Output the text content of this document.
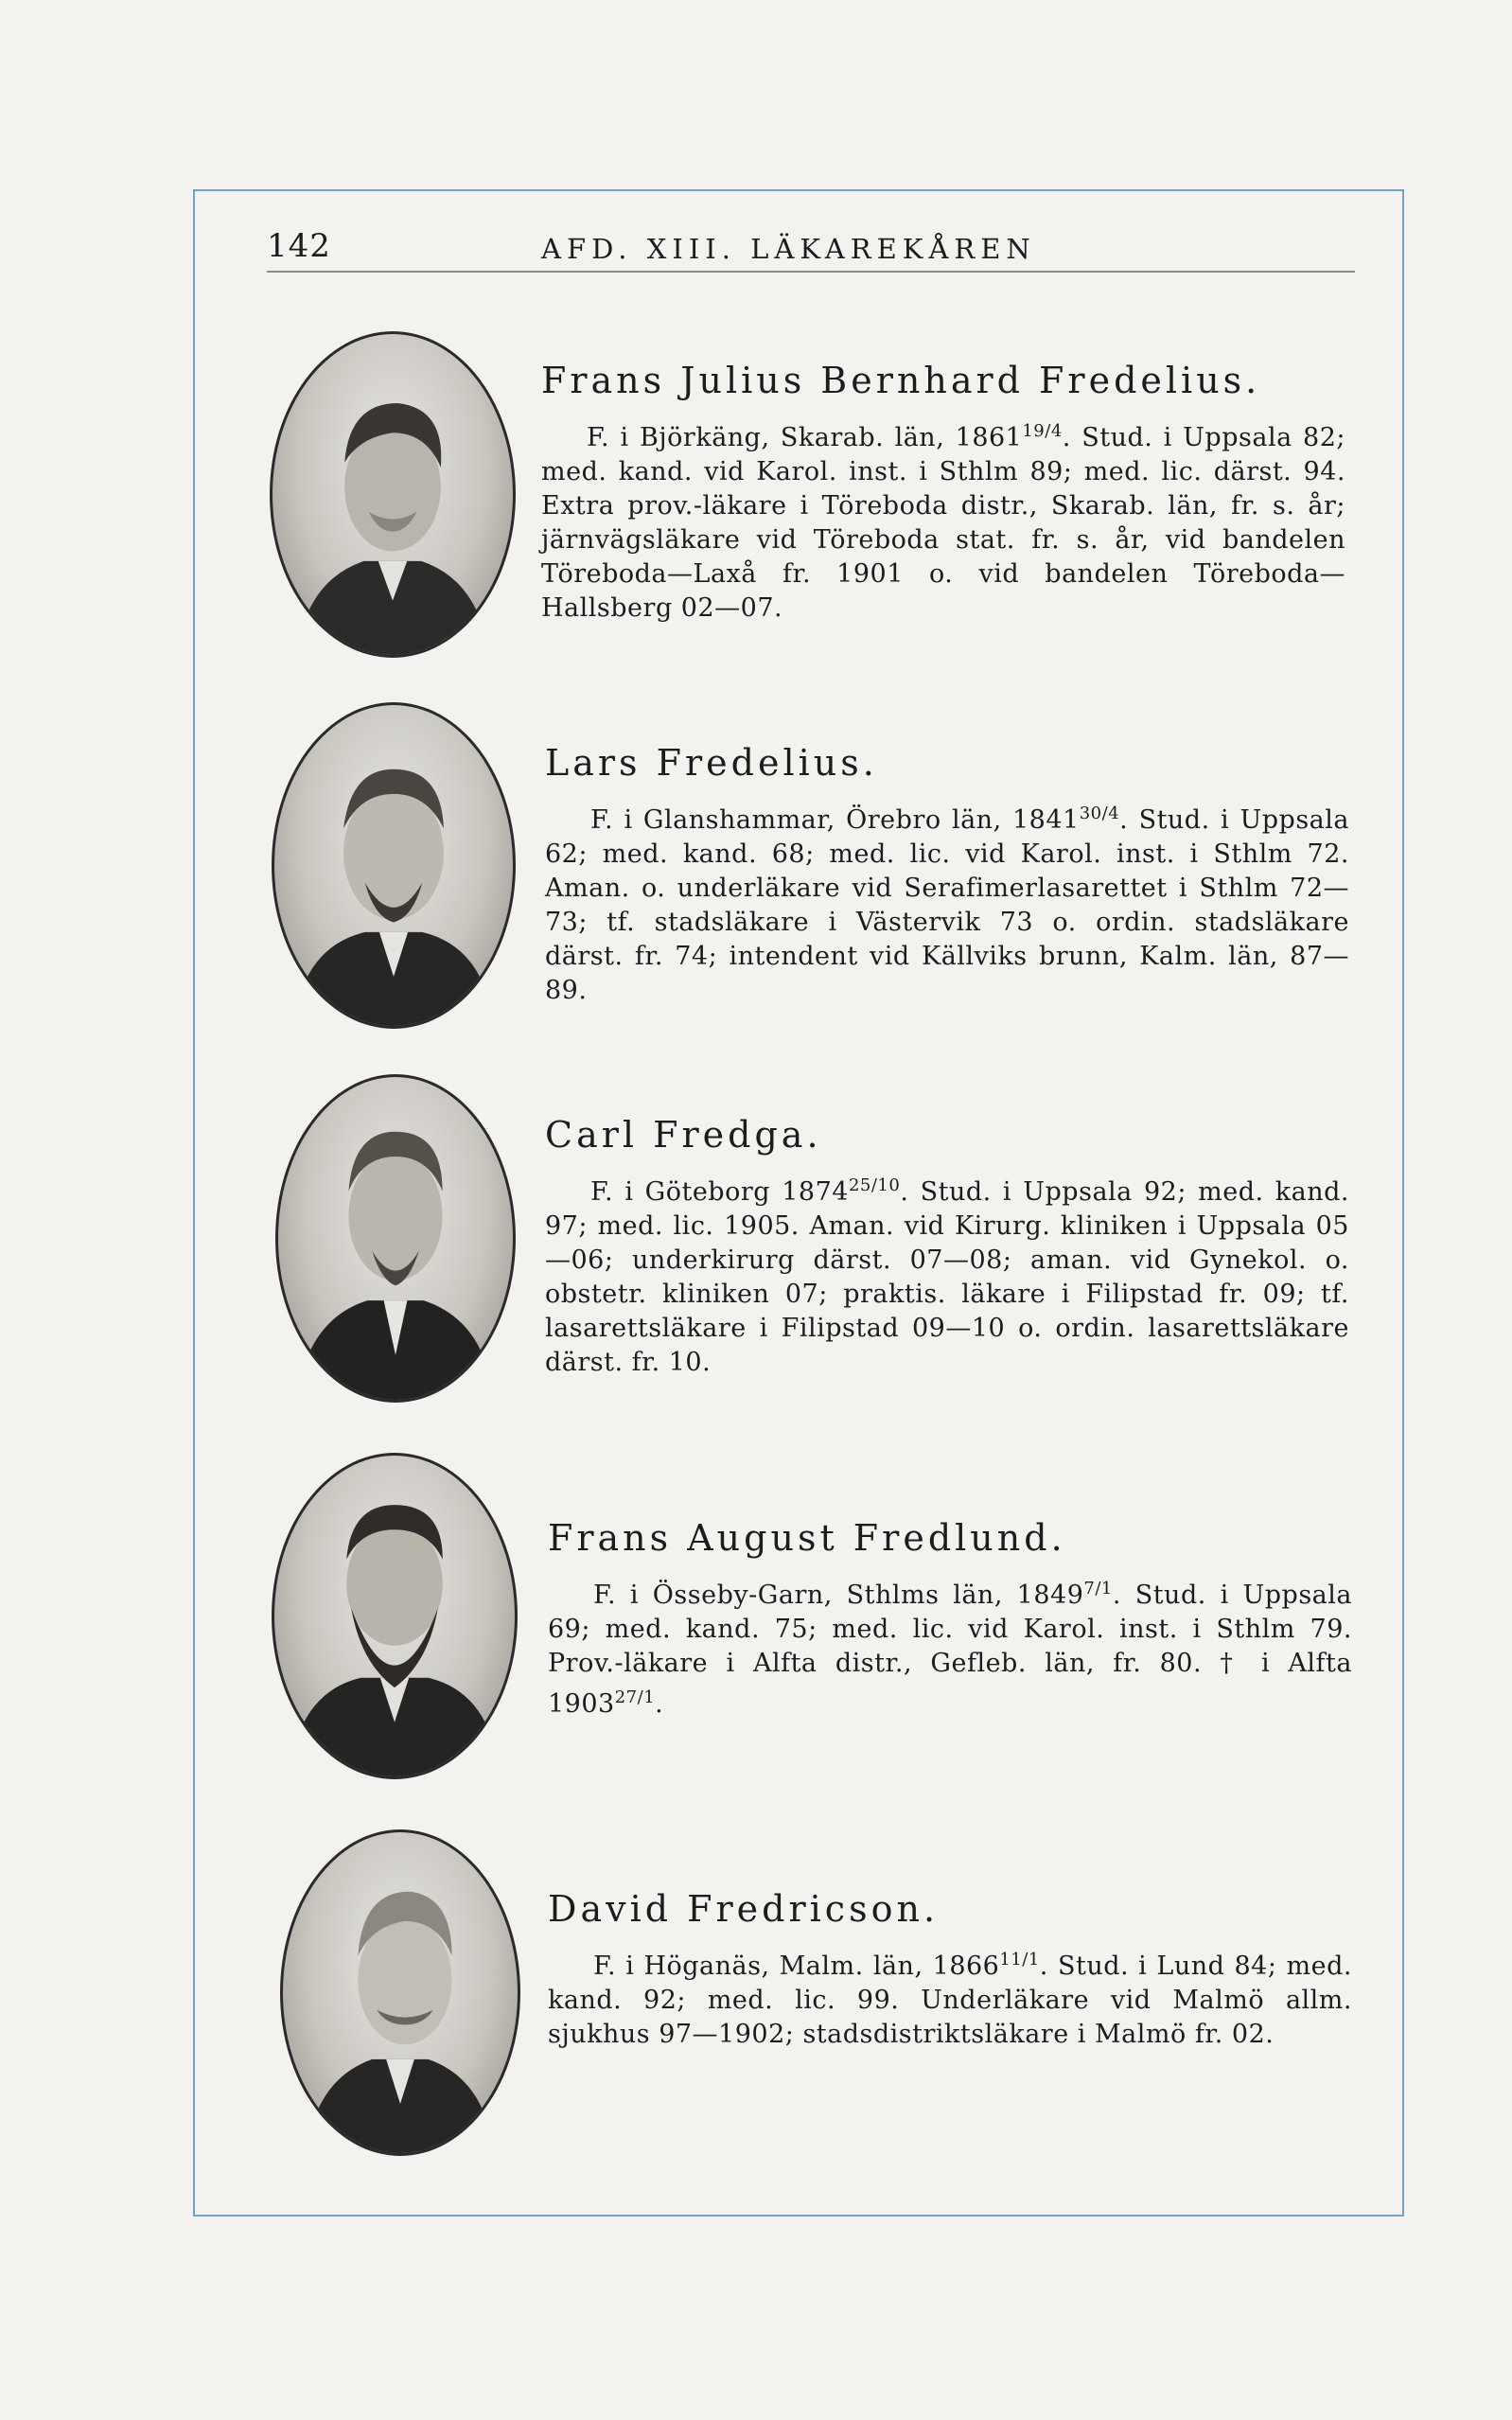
142	AFD. XIII. LÄKAREKÅREN
Frans Julius Bernhard Fredelius.

F. i Björkäng, Skarab. län, $1861^{19/4}$. Stud. i Uppsala 82; med. kand. vid Karol. inst. i Sthlm 89; med. lic. därst. 94. Extra prov.-läkare i Töreboda distr., Skarab. län, fr. s. år; järnvägsläkare vid Töreboda stat. fr. s. år, vid bandelen Töreboda—Laxå fr. 1901 o. vid bandelen Töreboda—Hallsberg 02—07.

Lars Fredelius.

F. i Glanshammar, Örebro län, $1841^{30/4}$. Stud. i Uppsala 62; med. kand. 68; med. lic. vid Karol. inst. i Sthlm 72. Aman. o. underläkare vid Serafimerlasarettet i Sthlm 72—73; tf. stadsläkare i Västervik 73 o. ordin. stadsläkare därst. fr. 74; intendent vid Källviks brunn, Kalm. län, 87—89.

Carl Fredga.

F. i Göteborg $1874^{25/10}$. Stud. i Uppsala 92; med. kand. 97; med. lic. 1905. Aman. vid Kirurg. kliniken i Uppsala 05—06; underkirurg därst. 07—08; aman. vid Gynekol. o. obstetr. kliniken 07; praktis. läkare i Filipstad fr. 09; tf. lasarettsläkare i Filipstad 09—10 o. ordin. lasarettsläkare därst. fr. 10.

Frans August Fredlund.

F. i Össeby-Garn, Sthlms län, $1849^{7/1}$. Stud. i Uppsala 69; med. kand. 75; med. lic. vid Karol. inst. i Sthlm 79. Prov.-läkare i Alfta distr., Gefleb. län, fr. 80. † i Alfta $1903^{27/1}$.

David Fredricson.

F. i Höganäs, Malm. län, $1866^{11/1}$. Stud. i Lund 84; med. kand. 92; med. lic. 99. Underläkare vid Malmö allm. sjukhus 97—1902; stadsdistriktsläkare i Malmö fr. 02.
